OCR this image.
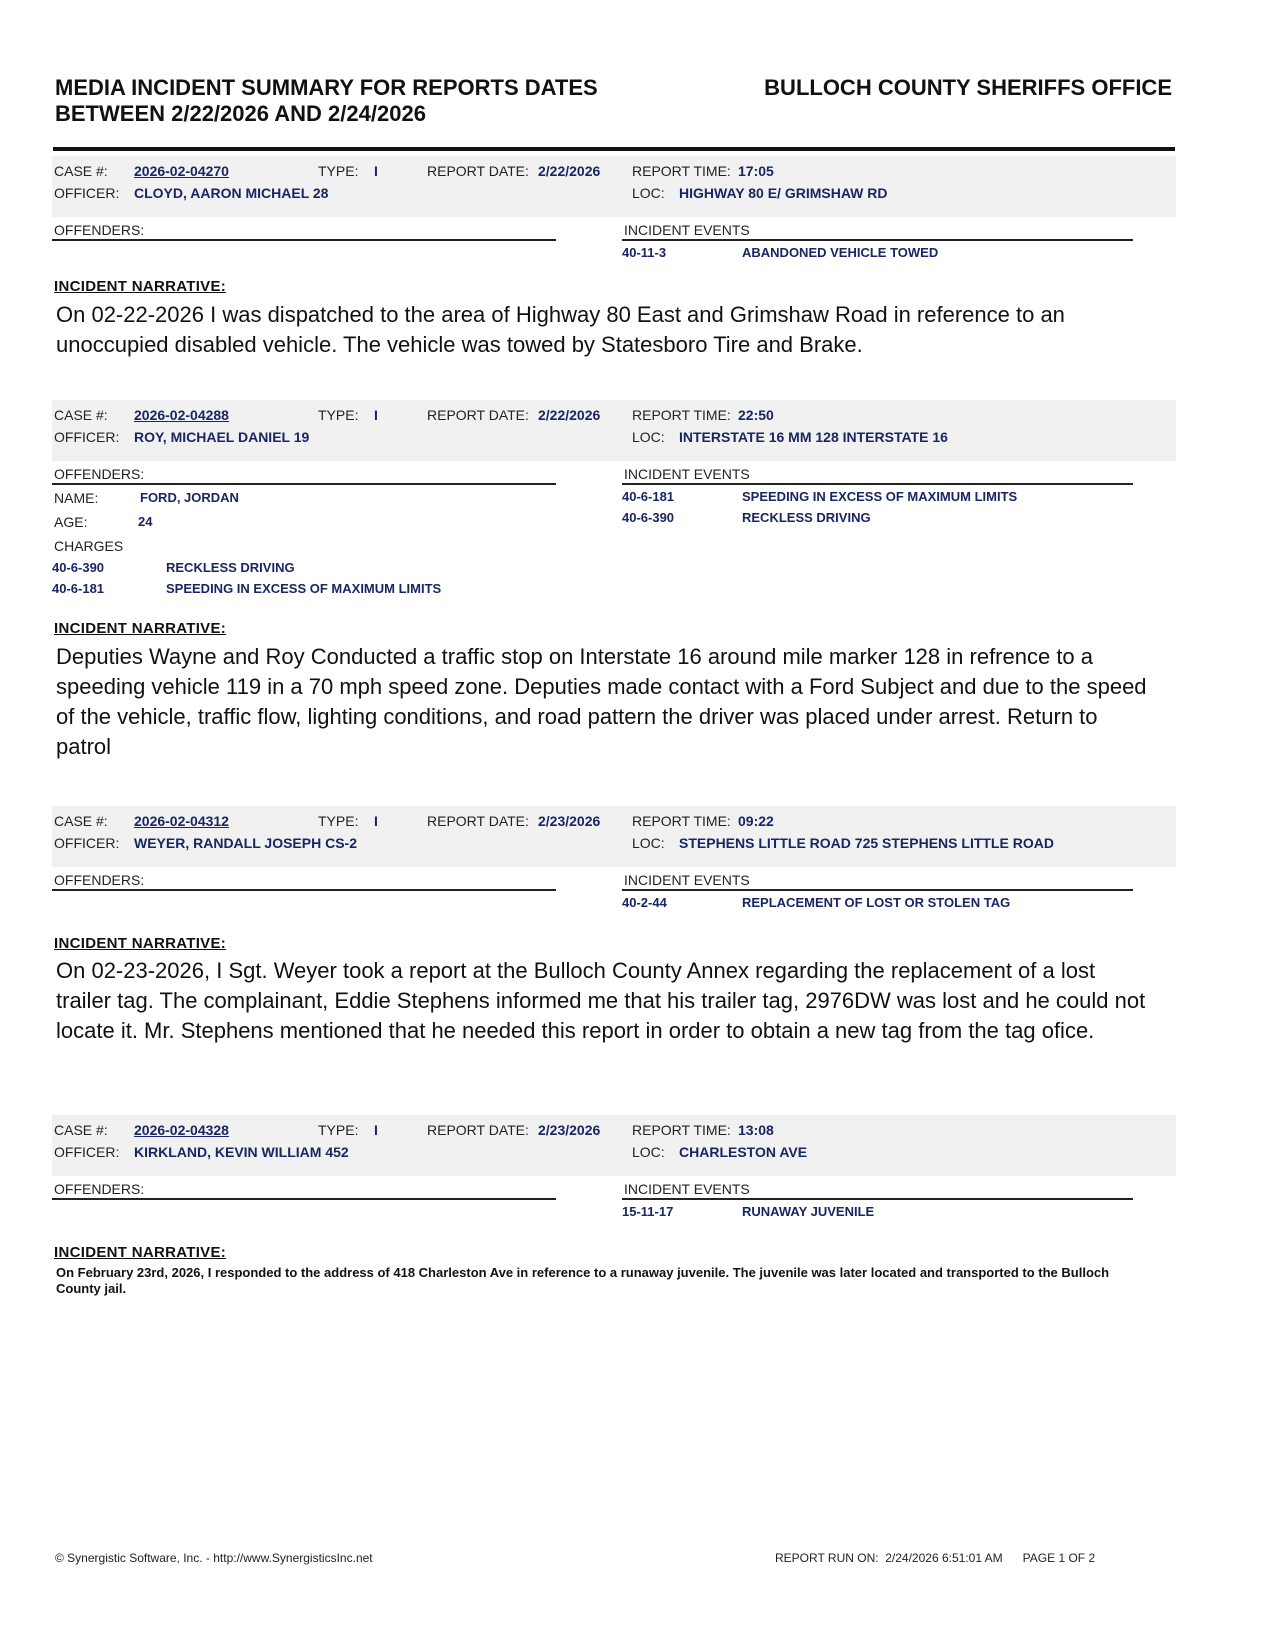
MEDIA INCIDENT SUMMARY FOR REPORTS DATES
BETWEEN 2/22/2026 AND 2/24/2026
BULLOCH COUNTY SHERIFFS OFFICE
CASE #: 2026-02-04270	TYPE: I	REPORT DATE: 2/22/2026 REPORT TIME: 17:05
OFFICER: CLOYD, AARON MICHAEL 28	LOC: HIGHWAY 80 E/ GRIMSHAW RD
OFFENDERS:	INCIDENT EVENTS
40-11-3	ABANDONED VEHICLE TOWED
INCIDENT NARRATIVE:
On 02-22-2026 I was dispatched to the area of Highway 80 East and Grimshaw Road in reference to an unoccupied disabled vehicle. The vehicle was towed by Statesboro Tire and Brake.
CASE #: 2026-02-04288	TYPE: I	REPORT DATE: 2/22/2026 REPORT TIME: 22:50
OFFICER: ROY, MICHAEL DANIEL 19	LOC: INTERSTATE 16 MM 128 INTERSTATE 16
OFFENDERS:
NAME:	FORD, JORDAN
AGE:	24
CHARGES
40-6-390	RECKLESS DRIVING
40-6-181	SPEEDING IN EXCESS OF MAXIMUM LIMITS
INCIDENT EVENTS
40-6-181	SPEEDING IN EXCESS OF MAXIMUM LIMITS
40-6-390	RECKLESS DRIVING
INCIDENT NARRATIVE:
Deputies Wayne and Roy Conducted a traffic stop on Interstate 16 around mile marker 128 in refrence to a speeding vehicle 119 in a 70 mph speed zone. Deputies made contact with a Ford Subject and due to the speed of the vehicle, traffic flow, lighting conditions, and road pattern the driver was placed under arrest. Return to patrol
CASE #: 2026-02-04312	TYPE: I	REPORT DATE: 2/23/2026 REPORT TIME: 09:22
OFFICER: WEYER, RANDALL JOSEPH CS-2	LOC: STEPHENS LITTLE ROAD 725 STEPHENS LITTLE ROAD
OFFENDERS:	INCIDENT EVENTS
40-2-44	REPLACEMENT OF LOST OR STOLEN TAG
INCIDENT NARRATIVE:
On 02-23-2026, I Sgt. Weyer took a report at the Bulloch County Annex regarding the replacement of a lost trailer tag. The complainant, Eddie Stephens informed me that his trailer tag, 2976DW was lost and he could not locate it. Mr. Stephens mentioned that he needed this report in order to obtain a new tag from the tag ofice.
CASE #: 2026-02-04328	TYPE: I	REPORT DATE: 2/23/2026 REPORT TIME: 13:08
OFFICER: KIRKLAND, KEVIN WILLIAM 452	LOC: CHARLESTON AVE
OFFENDERS:	INCIDENT EVENTS
15-11-17	RUNAWAY JUVENILE
INCIDENT NARRATIVE:
On February 23rd, 2026, I responded to the address of 418 Charleston Ave in reference to a runaway juvenile. The juvenile was later located and transported to the Bulloch County jail.
© Synergistic Software, Inc. - http://www.SynergisticsInc.net	REPORT RUN ON:  2/24/2026 6:51:01 AM      PAGE 1 OF 2
